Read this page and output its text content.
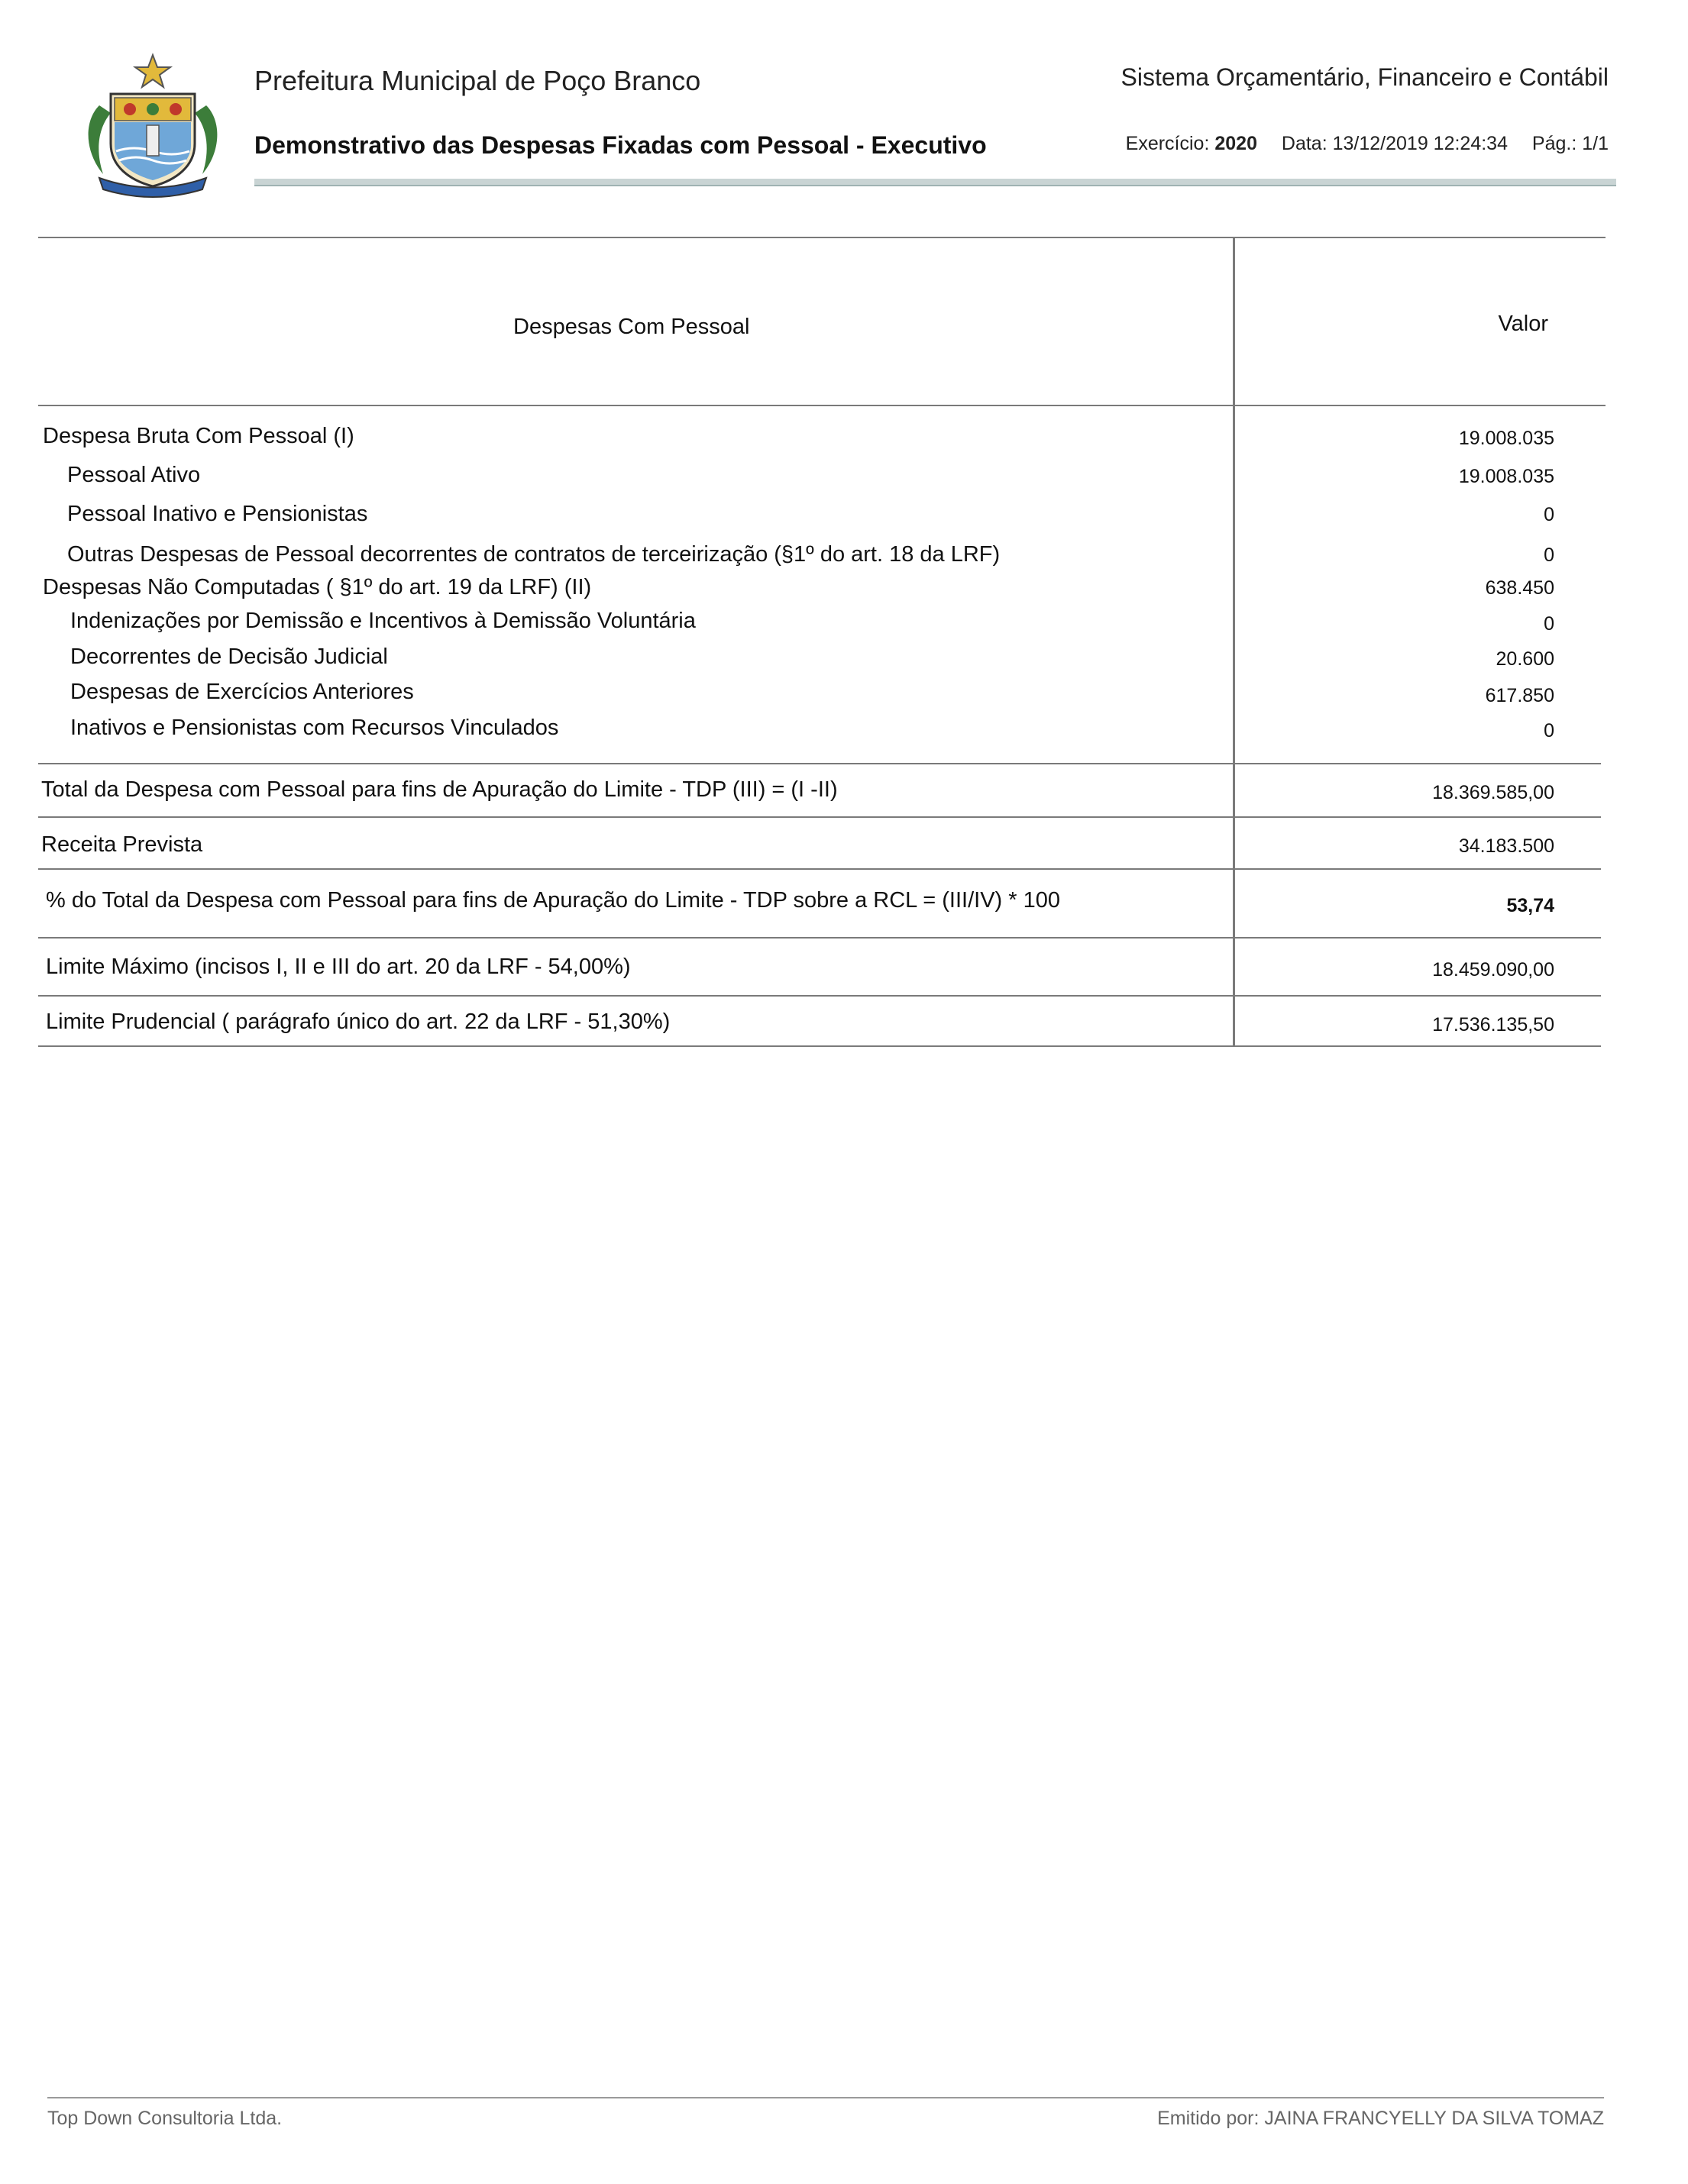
Prefeitura Municipal de Poço Branco
Demonstrativo das Despesas Fixadas com Pessoal - Executivo
Sistema Orçamentário, Financeiro e Contábil
Exercício: 2020 Data: 13/12/2019 12:24:34 Pág.: 1/1
Despesas Com Pessoal	Valor
Despesa Bruta Com Pessoal (I)	19.008.035
Pessoal Ativo	19.008.035
Pessoal Inativo e Pensionistas	0
Outras Despesas de Pessoal decorrentes de contratos de terceirização (§1º do art. 18 da LRF)	0
Despesas Não Computadas ( §1º do art. 19 da LRF) (II)	638.450
Indenizações por Demissão e Incentivos à Demissão Voluntária	0
Decorrentes de Decisão Judicial	20.600
Despesas de Exercícios Anteriores	617.850
Inativos e Pensionistas com Recursos Vinculados	0
Total da Despesa com Pessoal para fins de Apuração do Limite - TDP (III) = (I -II)	18.369.585,00
Receita Prevista	34.183.500
% do Total da Despesa com Pessoal para fins de Apuração do Limite - TDP sobre a RCL = (III/IV) * 100	53,74
Limite Máximo (incisos I, II e III do art. 20 da LRF - 54,00%)	18.459.090,00
Limite Prudencial ( parágrafo único do art. 22 da LRF - 51,30%)	17.536.135,50
Top Down Consultoria Ltda.	Emitido por: JAINA FRANCYELLY DA SILVA TOMAZ
